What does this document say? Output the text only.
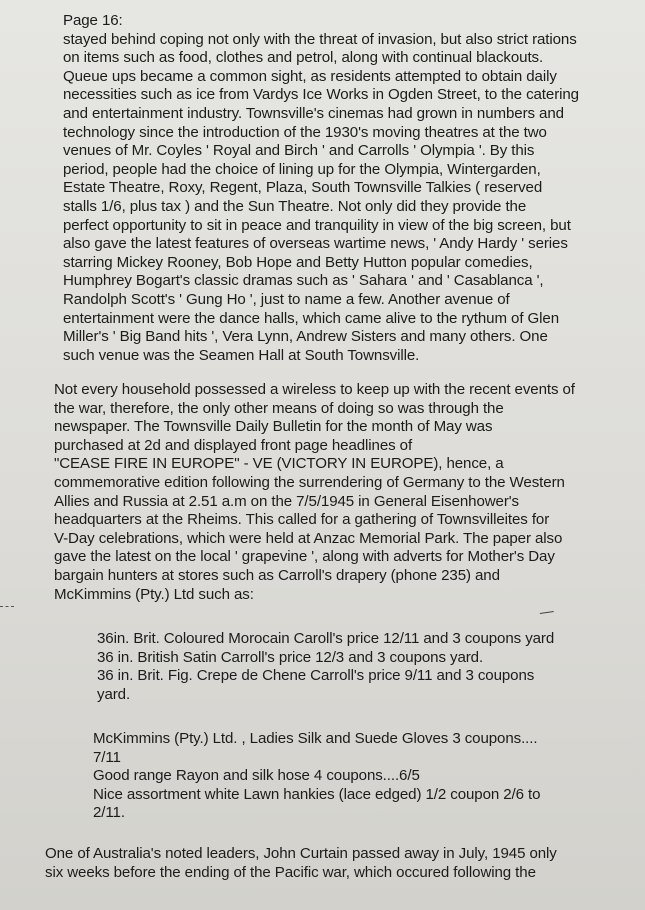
Page 16:
stayed behind coping not only with the threat of invasion, but also strict rations
on items such as food, clothes and petrol, along with continual blackouts.
Queue ups became a common sight, as residents attempted to obtain daily
necessities such as ice from Vardys Ice Works in Ogden Street, to the catering
and entertainment industry. Townsville's cinemas had grown in numbers and
technology since the introduction of the 1930's moving theatres at the two
venues of Mr. Coyles ' Royal and Birch ' and Carrolls ' Olympia '. By this
period, people had the choice of lining up for the Olympia, Wintergarden,
Estate Theatre, Roxy, Regent, Plaza, South Townsville Talkies ( reserved
stalls 1/6, plus tax ) and the Sun Theatre. Not only did they provide the
perfect opportunity to sit in peace and tranquility in view of the big screen, but
also gave the latest features of overseas wartime news, ' Andy Hardy ' series
starring Mickey Rooney, Bob Hope and Betty Hutton popular comedies,
Humphrey Bogart's classic dramas such as ' Sahara ' and ' Casablanca ',
Randolph Scott's ' Gung Ho ', just to name a few. Another avenue of
entertainment were the dance halls, which came alive to the rythum of Glen
Miller's ' Big Band hits ', Vera Lynn, Andrew Sisters and many others. One
such venue was the Seamen Hall at South Townsville.
Not every household possessed a wireless to keep up with the recent events of
the war, therefore, the only other means of doing so was through the
newspaper. The Townsville Daily Bulletin for the month of May was
purchased at 2d and displayed front page headlines of
"CEASE FIRE IN EUROPE" - VE (VICTORY IN EUROPE), hence, a
commemorative edition following the surrendering of Germany to the Western
Allies and Russia at 2.51 a.m on the 7/5/1945 in General Eisenhower's
headquarters at the Rheims. This called for a gathering of Townsvilleites for
V-Day celebrations, which were held at Anzac Memorial Park. The paper also
gave the latest on the local ' grapevine ', along with adverts for Mother's Day
bargain hunters at stores such as Carroll's drapery (phone 235) and
McKimmins (Pty.) Ltd such as:
36in. Brit. Coloured Morocain Caroll's price 12/11 and 3 coupons yard
36 in. British Satin Carroll's price 12/3 and 3 coupons yard.
36 in. Brit. Fig. Crepe de Chene Carroll's price 9/11 and 3 coupons
yard.
McKimmins (Pty.) Ltd. , Ladies Silk and Suede Gloves 3 coupons....
7/11
Good range Rayon and silk hose 4 coupons....6/5
Nice assortment white Lawn hankies (lace edged) 1/2 coupon 2/6 to
2/11.
One of Australia's noted leaders, John Curtain passed away in July, 1945 only
six weeks before the ending of the Pacific war, which occured following the
